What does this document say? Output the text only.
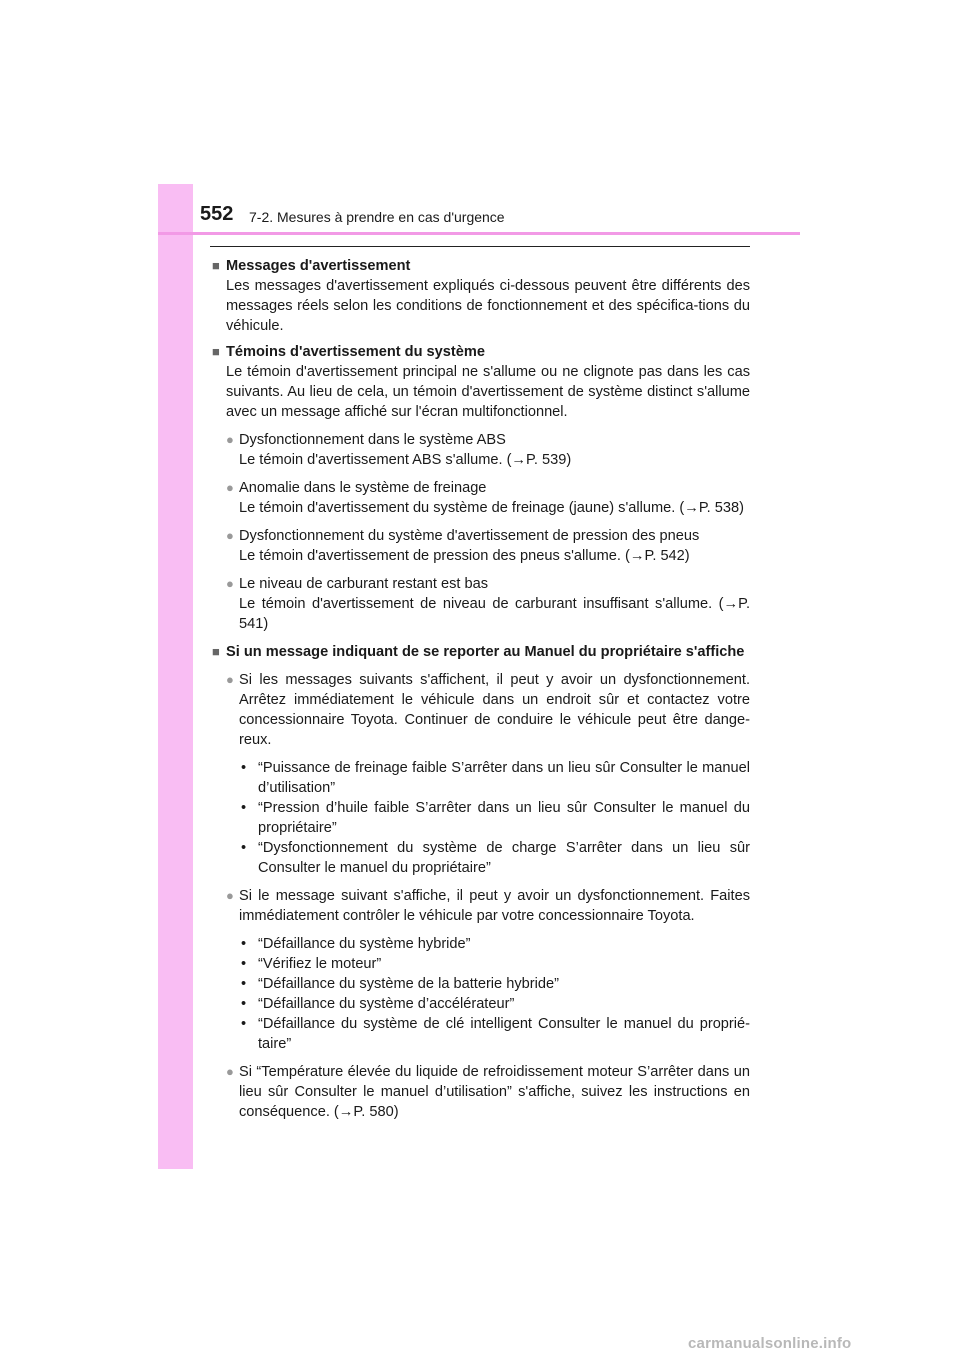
552 7-2. Mesures à prendre en cas d'urgence
■ Messages d'avertissement

Les messages d'avertissement expliqués ci-dessous peuvent être différents des messages réels selon les conditions de fonctionnement et des spécifica-tions du véhicule.

■ Témoins d'avertissement du système

Le témoin d'avertissement principal ne s'allume ou ne clignote pas dans les cas suivants. Au lieu de cela, un témoin d'avertissement de système distinct s'allume avec un message affiché sur l'écran multifonctionnel.

● Dysfonctionnement dans le système ABS

Le témoin d'avertissement ABS s'allume. (→P. 539)

● Anomalie dans le système de freinage

Le témoin d'avertissement du système de freinage (jaune) s'allume. (→P. 538)

● Dysfonctionnement du système d'avertissement de pression des pneus

Le témoin d'avertissement de pression des pneus s'allume. (→P. 542)

● Le niveau de carburant restant est bas

Le témoin d'avertissement de niveau de carburant insuffisant s'allume. (→P. 541)

■ Si un message indiquant de se reporter au Manuel du propriétaire s'affiche
● Si les messages suivants s'affichent, il peut y avoir un dysfonctionnement. Arrêtez immédiatement le véhicule dans un endroit sûr et contactez votre concessionnaire Toyota. Continuer de conduire le véhicule peut être dange-reux.

• “Puissance de freinage faible S’arrêter dans un lieu sûr Consulter le manuel d’utilisation”
• “Pression d’huile faible S’arrêter dans un lieu sûr Consulter le manuel du propriétaire”
• “Dysfonctionnement du système de charge S’arrêter dans un lieu sûr Consulter le manuel du propriétaire”
● Si le message suivant s'affiche, il peut y avoir un dysfonctionnement. Faites immédiatement contrôler le véhicule par votre concessionnaire Toyota.

• “Défaillance du système hybride”
• “Vérifiez le moteur”
• “Défaillance du système de la batterie hybride”
• “Défaillance du système d’accélérateur”
• “Défaillance du système de clé intelligent Consulter le manuel du proprié-taire”
● Si “Température élevée du liquide de refroidissement moteur S’arrêter dans un lieu sûr Consulter le manuel d’utilisation” s'affiche, suivez les instructions en conséquence. (→P. 580)

carmanualsonline.info
